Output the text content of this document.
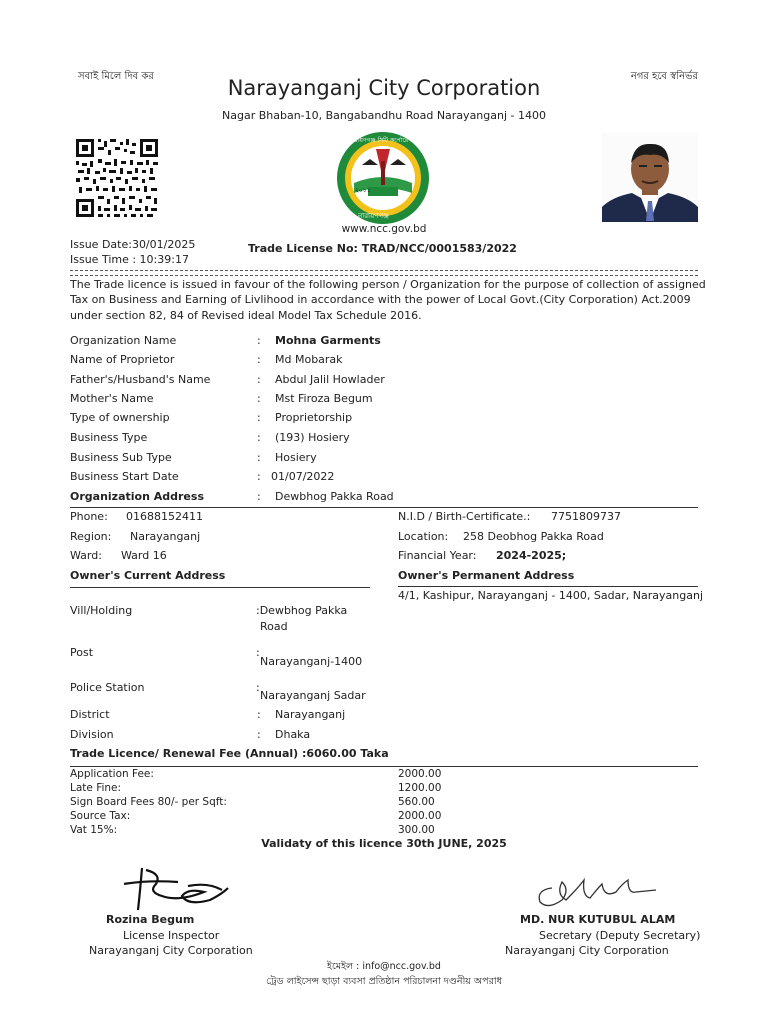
সবাই মিলে দিব কর	নগর হবে স্বনির্ভর
Narayanganj City Corporation
Nagar Bhaban-10, Bangabandhu Road Narayanganj - 1400
২০১১
নারায়ণগঞ্জ সিটি কর্পোরেশন
নারায়ণগঞ্জ
www.ncc.gov.bd
Issue Date:30/01/2025
Issue Time : 10:39:17
Trade License No: TRAD/NCC/0001583/2022
The Trade licence is issued in favour of the following person / Organization for the purpose of collection of assigned
Tax on Business and Earning of Livlihood in accordance with the power of Local Govt.(City Corporation) Act.2009
under section 82, 84 of Revised ideal Model Tax Schedule 2016.
Organization Name	: Mohna Garments
Name of Proprietor	: Md Mobarak
Father's/Husband's Name	: Abdul Jalil Howlader
Mother's Name	: Mst Firoza Begum
Type of ownership	: Proprietorship
Business Type	: (193) Hosiery
Business Sub Type	: Hosiery
Business Start Date	: 01/07/2022
Organization Address	: Dewbhog Pakka Road
Phone: 01688152411	N.I.D / Birth-Certificate.: 7751809737
Region: Narayanganj	Location: 258 Deobhog Pakka Road
Ward: Ward 16	Financial Year: 2024-2025;
Owner's Current Address	Owner's Permanent Address
4/1, Kashipur, Narayanganj - 1400, Sadar, Narayanganj
Vill/Holding	:Dewbhog Pakka
Road
Post	:
Narayanganj-1400
Police Station	:
Narayanganj Sadar
District	: Narayanganj
Division	: Dhaka
Trade Licence/ Renewal Fee (Annual) :6060.00 Taka
Application Fee:	2000.00
Late Fine:	1200.00
Sign Board Fees 80/- per Sqft:	560.00
Source Tax:	2000.00
Vat 15%:	300.00
Validaty of this licence 30th JUNE, 2025
Rozina Begum
License Inspector
Narayanganj City Corporation
MD. NUR KUTUBUL ALAM
Secretary (Deputy Secretary)
Narayanganj City Corporation
ইমেইল : info@ncc.gov.bd
ট্রেড লাইসেন্স ছাড়া ব্যবসা প্রতিষ্ঠান পরিচালনা দণ্ডনীয় অপরাধ
